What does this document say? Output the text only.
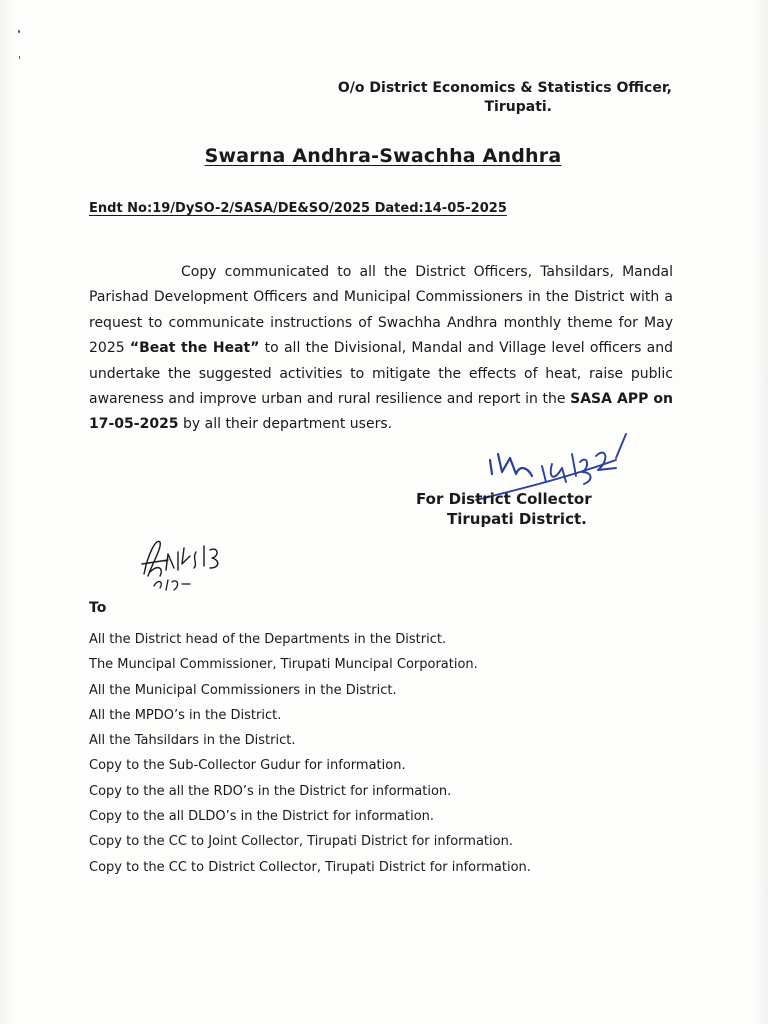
O/o District Economics & Statistics Officer,
Tirupati.
Swarna Andhra-Swachha Andhra
Endt No:19/DySO-2/SASA/DE&SO/2025 Dated:14-05-2025
Copy communicated to all the District Officers, Tahsildars, Mandal Parishad Development Officers and Municipal Commissioners in the District with a request to communicate instructions of Swachha Andhra monthly theme for May 2025 “Beat the Heat” to all the Divisional, Mandal and Village level officers and undertake the suggested activities to mitigate the effects of heat, raise public awareness and improve urban and rural resilience and report in the SASA APP on 17-05-2025 by all their department users.
For District Collector
Tirupati District.
To
All the District head of the Departments in the District.
The Muncipal Commissioner, Tirupati Muncipal Corporation.
All the Municipal Commissioners in the District.
All the MPDO’s in the District.
All the Tahsildars in the District.
Copy to the Sub-Collector Gudur for information.
Copy to the all the RDO’s in the District for information.
Copy to the all DLDO’s in the District for information.
Copy to the CC to Joint Collector, Tirupati District for information.
Copy to the CC to District Collector, Tirupati District for information.
